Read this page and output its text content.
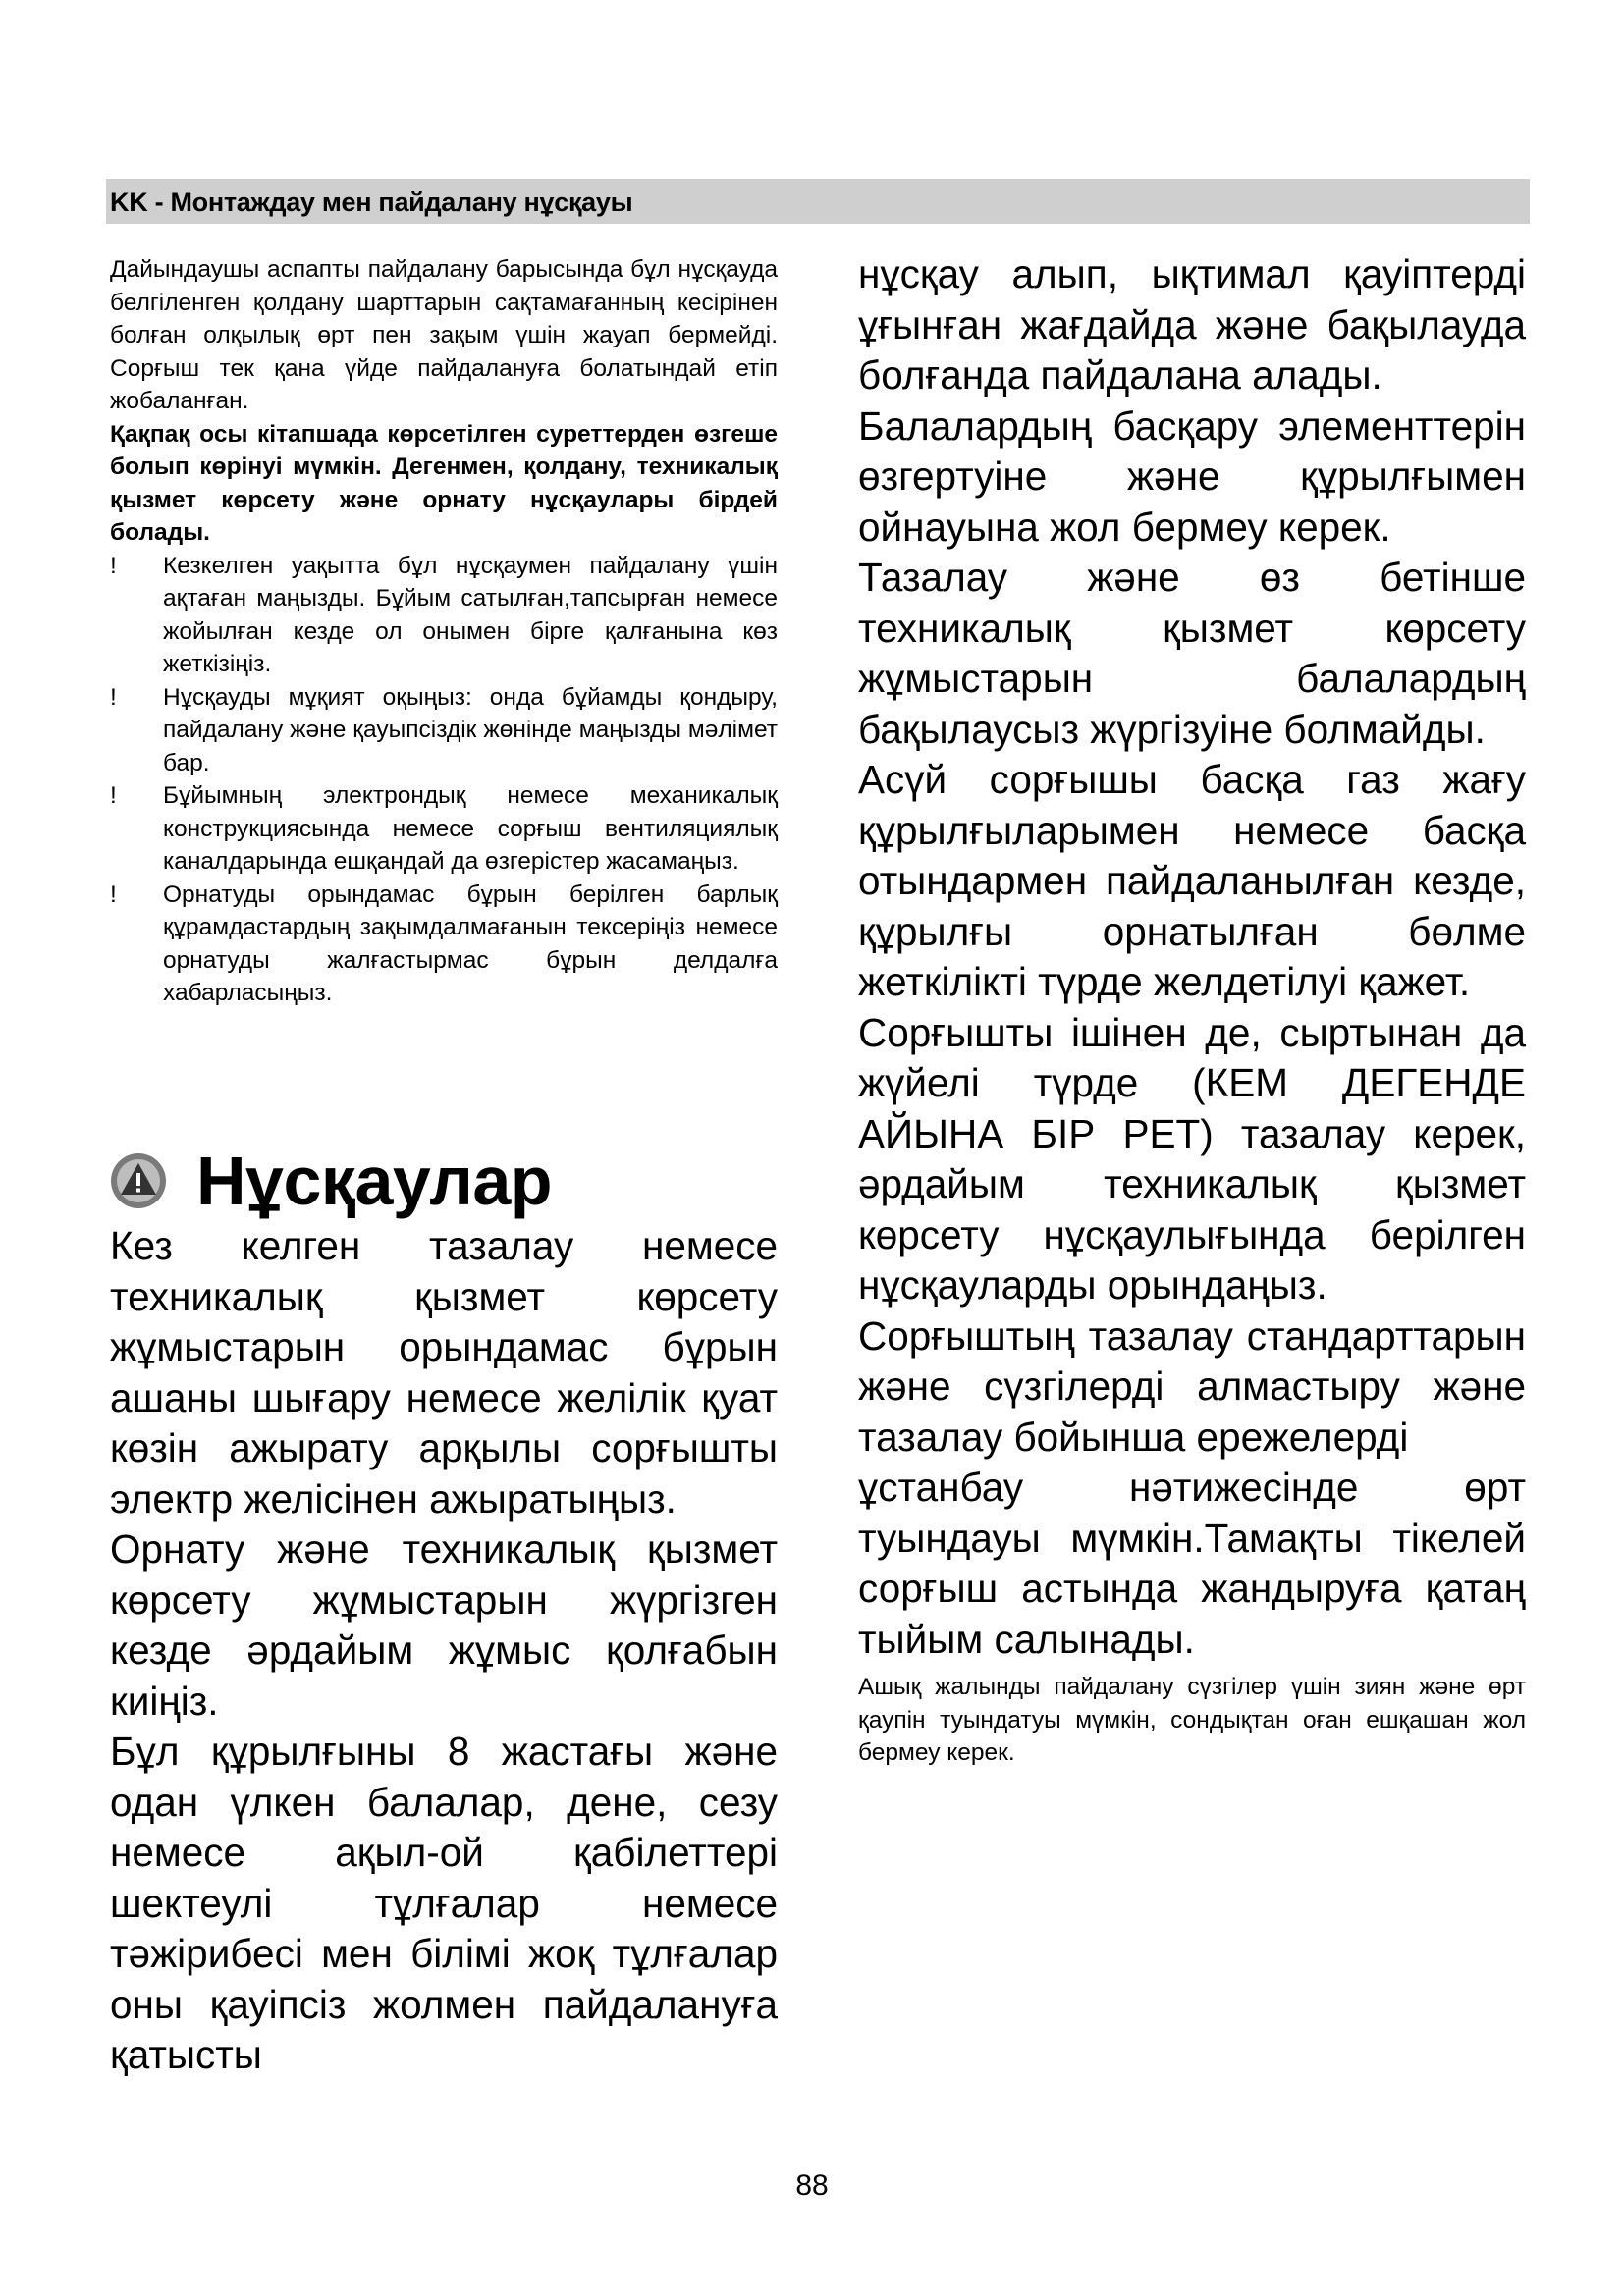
KK - Монтаждау мен пайдалану нұсқауы

Дайындаушы аспапты пайдалану барысында бұл нұсқауда белгіленген қолдану шарттарын сақтамағанның кесірінен болған олқылық өрт пен зақым үшін жауап бермейді. Сорғыш тек қана үйде пайдалануға болатындай етіп жобаланған.

Қақпақ осы кітапшада көрсетілген суреттерден өзгеше болып көрінуі мүмкін. Дегенмен, қолдану, техникалық қызмет көрсету және орнату нұсқаулары бірдей болады.

! Кезкелген уақытта бұл нұсқаумен пайдалану үшін ақтаған маңызды. Бұйым сатылған,тапсырған немесе жойылған кезде ол онымен бірге қалғанына көз жеткізіңіз.

! Нұсқауды мұқият оқыңыз: онда бұйамды қондыру, пайдалану және қауыпсіздік жөнінде маңызды мәлімет бар.

! Бұйымның электрондық немесе механикалық конструкциясында немесе сорғыш вентиляциялық каналдарында ешқандай да өзгерістер жасамаңыз.

! Орнатуды орындамас бұрын берілген барлық құрамдастардың зақымдалмағанын тексеріңіз немесе орнатуды жалғастырмас бұрын делдалға хабарласыңыз.

Нұсқаулар

Кез келген тазалау немесе техникалық қызмет көрсету жұмыстарын орындамас бұрын ашаны шығару немесе желілік қуат көзін ажырату арқылы сорғышты электр желісінен ажыратыңыз.

Орнату және техникалық қызмет көрсету жұмыстарын жүргізген кезде әрдайым жұмыс қолғабын киіңіз.

Бұл құрылғыны 8 жастағы және одан үлкен балалар, дене, сезу немесе ақыл-ой қабілеттері шектеулі тұлғалар немесе тәжірибесі мен білімі жоқ тұлғалар оны қауіпсіз жолмен пайдалануға қатысты

нұсқау алып, ықтимал қауіптерді ұғынған жағдайда және бақылауда болғанда пайдалана алады.

Балалардың басқару элементтерін өзгертуіне және құрылғымен ойнауына жол бермеу керек.

Тазалау және өз бетінше техникалық қызмет көрсету жұмыстарын балалардың бақылаусыз жүргізуіне болмайды.

Асүй сорғышы басқа газ жағу құрылғыларымен немесе басқа отындармен пайдаланылған кезде, құрылғы орнатылған бөлме жеткілікті түрде желдетілуі қажет.

Сорғышты ішінен де, сыртынан да жүйелі түрде (КЕМ ДЕГЕНДЕ АЙЫНА БІР РЕТ) тазалау керек, әрдайым техникалық қызмет көрсету нұсқаулығында берілген нұсқауларды орындаңыз.

Сорғыштың тазалау стандарттарын және сүзгілерді алмастыру және тазалау бойынша ережелерді

ұстанбау нәтижесінде өрт туындауы мүмкін.Тамақты тікелей сорғыш астында жандыруға қатаң тыйым салынады.

Ашық жалынды пайдалану сүзгілер үшін зиян және өрт қаупін туындатуы мүмкін, сондықтан оған ешқашан жол бермеу керек.
88
